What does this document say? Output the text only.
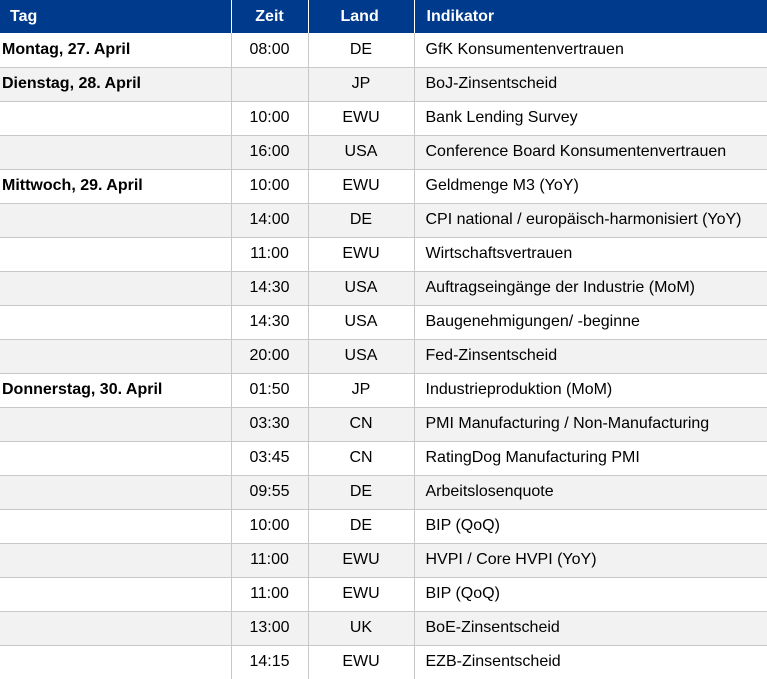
Tag	Zeit	Land	Indikator
Montag, 27. April	08:00	DE	GfK Konsumentenvertrauen
Dienstag, 28. April		JP	BoJ-Zinsentscheid
	10:00	EWU	Bank Lending Survey
	16:00	USA	Conference Board Konsumentenvertrauen
Mittwoch, 29. April	10:00	EWU	Geldmenge M3 (YoY)
	14:00	DE	CPI national / europäisch-harmonisiert (YoY)
	11:00	EWU	Wirtschaftsvertrauen
	14:30	USA	Auftragseingänge der Industrie (MoM)
	14:30	USA	Baugenehmigungen/ -beginne
	20:00	USA	Fed-Zinsentscheid
Donnerstag, 30. April	01:50	JP	Industrieproduktion (MoM)
	03:30	CN	PMI Manufacturing / Non-Manufacturing
	03:45	CN	RatingDog Manufacturing PMI
	09:55	DE	Arbeitslosenquote
	10:00	DE	BIP (QoQ)
	11:00	EWU	HVPI / Core HVPI (YoY)
	11:00	EWU	BIP (QoQ)
	13:00	UK	BoE-Zinsentscheid
	14:15	EWU	EZB-Zinsentscheid
